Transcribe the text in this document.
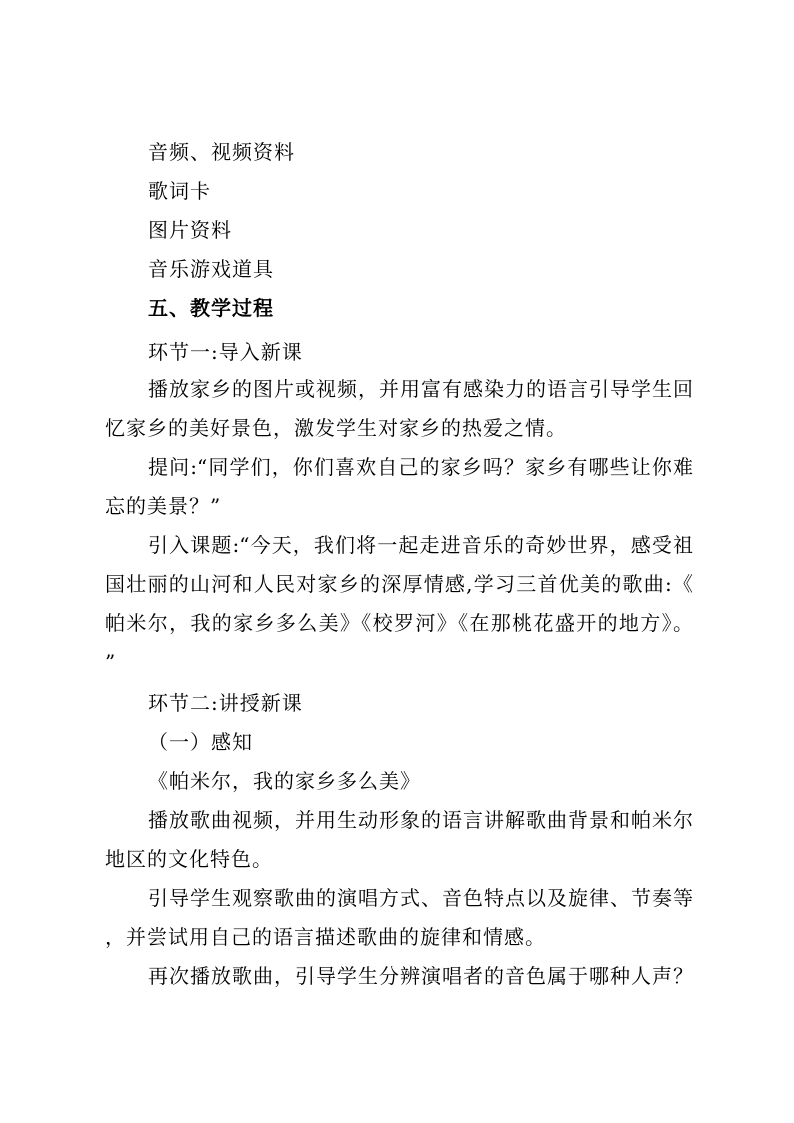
音频、视频资料
歌词卡
图片资料
音乐游戏道具
五、教学过程
环节一:导入新课
播放家乡的图片或视频，并用富有感染力的语言引导学生回
忆家乡的美好景色，激发学生对家乡的热爱之情。
提问:“同学们，你们喜欢自己的家乡吗？家乡有哪些让你难
忘的美景？”
引入课题:“今天，我们将一起走进音乐的奇妙世界，感受祖
国壮丽的山河和人民对家乡的深厚情感,学习三首优美的歌曲:《
帕米尔，我的家乡多么美》《校罗河》《在那桃花盛开的地方》。
”
环节二:讲授新课
（一）感知
《帕米尔，我的家乡多么美》
播放歌曲视频，并用生动形象的语言讲解歌曲背景和帕米尔
地区的文化特色。
引导学生观察歌曲的演唱方式、音色特点以及旋律、节奏等
，并尝试用自己的语言描述歌曲的旋律和情感。
再次播放歌曲，引导学生分辨演唱者的音色属于哪种人声？
